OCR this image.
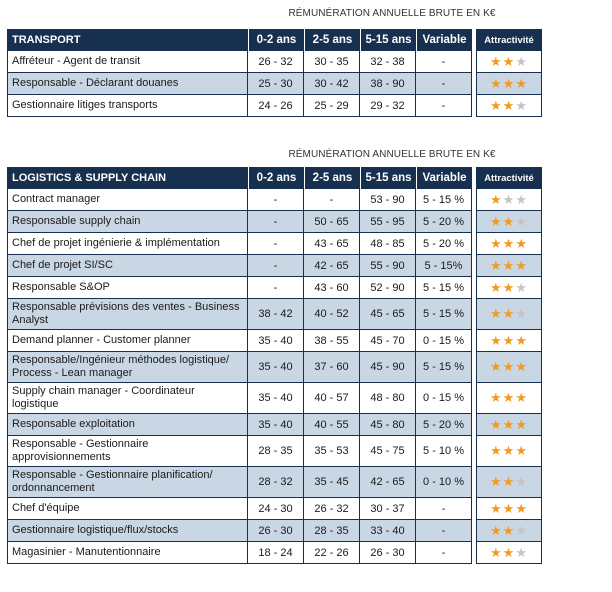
RÉMUNÉRATION ANNUELLE BRUTE EN K€
TRANSPORT	0-2 ans	2-5 ans	5-15 ans	Variable		Attractivité
Affréteur - Agent de transit	26 - 32	30 - 35	32 - 38	-		★★★
Responsable - Déclarant douanes	25 - 30	30 - 42	38 - 90	-		★★★
Gestionnaire litiges transports	24 - 26	25 - 29	29 - 32	-		★★★
RÉMUNÉRATION ANNUELLE BRUTE EN K€
LOGISTICS & SUPPLY CHAIN	0-2 ans	2-5 ans	5-15 ans	Variable		Attractivité
Contract manager	-	-	53 - 90	5 - 15 %		★★★
Responsable supply chain	-	50 - 65	55 - 95	5 - 20 %		★★★
Chef de projet ingénierie & implémentation	-	43 - 65	48 - 85	5 - 20 %		★★★
Chef de projet SI/SC	-	42 - 65	55 - 90	5 - 15%		★★★
Responsable S&OP	-	43 - 60	52 - 90	5 - 15 %		★★★
Responsable prévisions des ventes - Business Analyst	38 - 42	40 - 52	45 - 65	5 - 15 %		★★★
Demand planner - Customer planner	35 - 40	38 - 55	45 - 70	0 - 15 %		★★★
Responsable/Ingénieur méthodes logistique/ Process - Lean manager	35 - 40	37 - 60	45 - 90	5 - 15 %		★★★
Supply chain manager - Coordinateur logistique	35 - 40	40 - 57	48 - 80	0 - 15 %		★★★
Responsable exploitation	35 - 40	40 - 55	45 - 80	5 - 20 %		★★★
Responsable - Gestionnaire approvisionnements	28 - 35	35 - 53	45 - 75	5 - 10 %		★★★
Responsable - Gestionnaire planification/ ordonnancement	28 - 32	35 - 45	42 - 65	0 - 10 %		★★★
Chef d'équipe	24 - 30	26 - 32	30 - 37	-		★★★
Gestionnaire logistique/flux/stocks	26 - 30	28 - 35	33 - 40	-		★★★
Magasinier - Manutentionnaire	18 - 24	22 - 26	26 - 30	-		★★★
